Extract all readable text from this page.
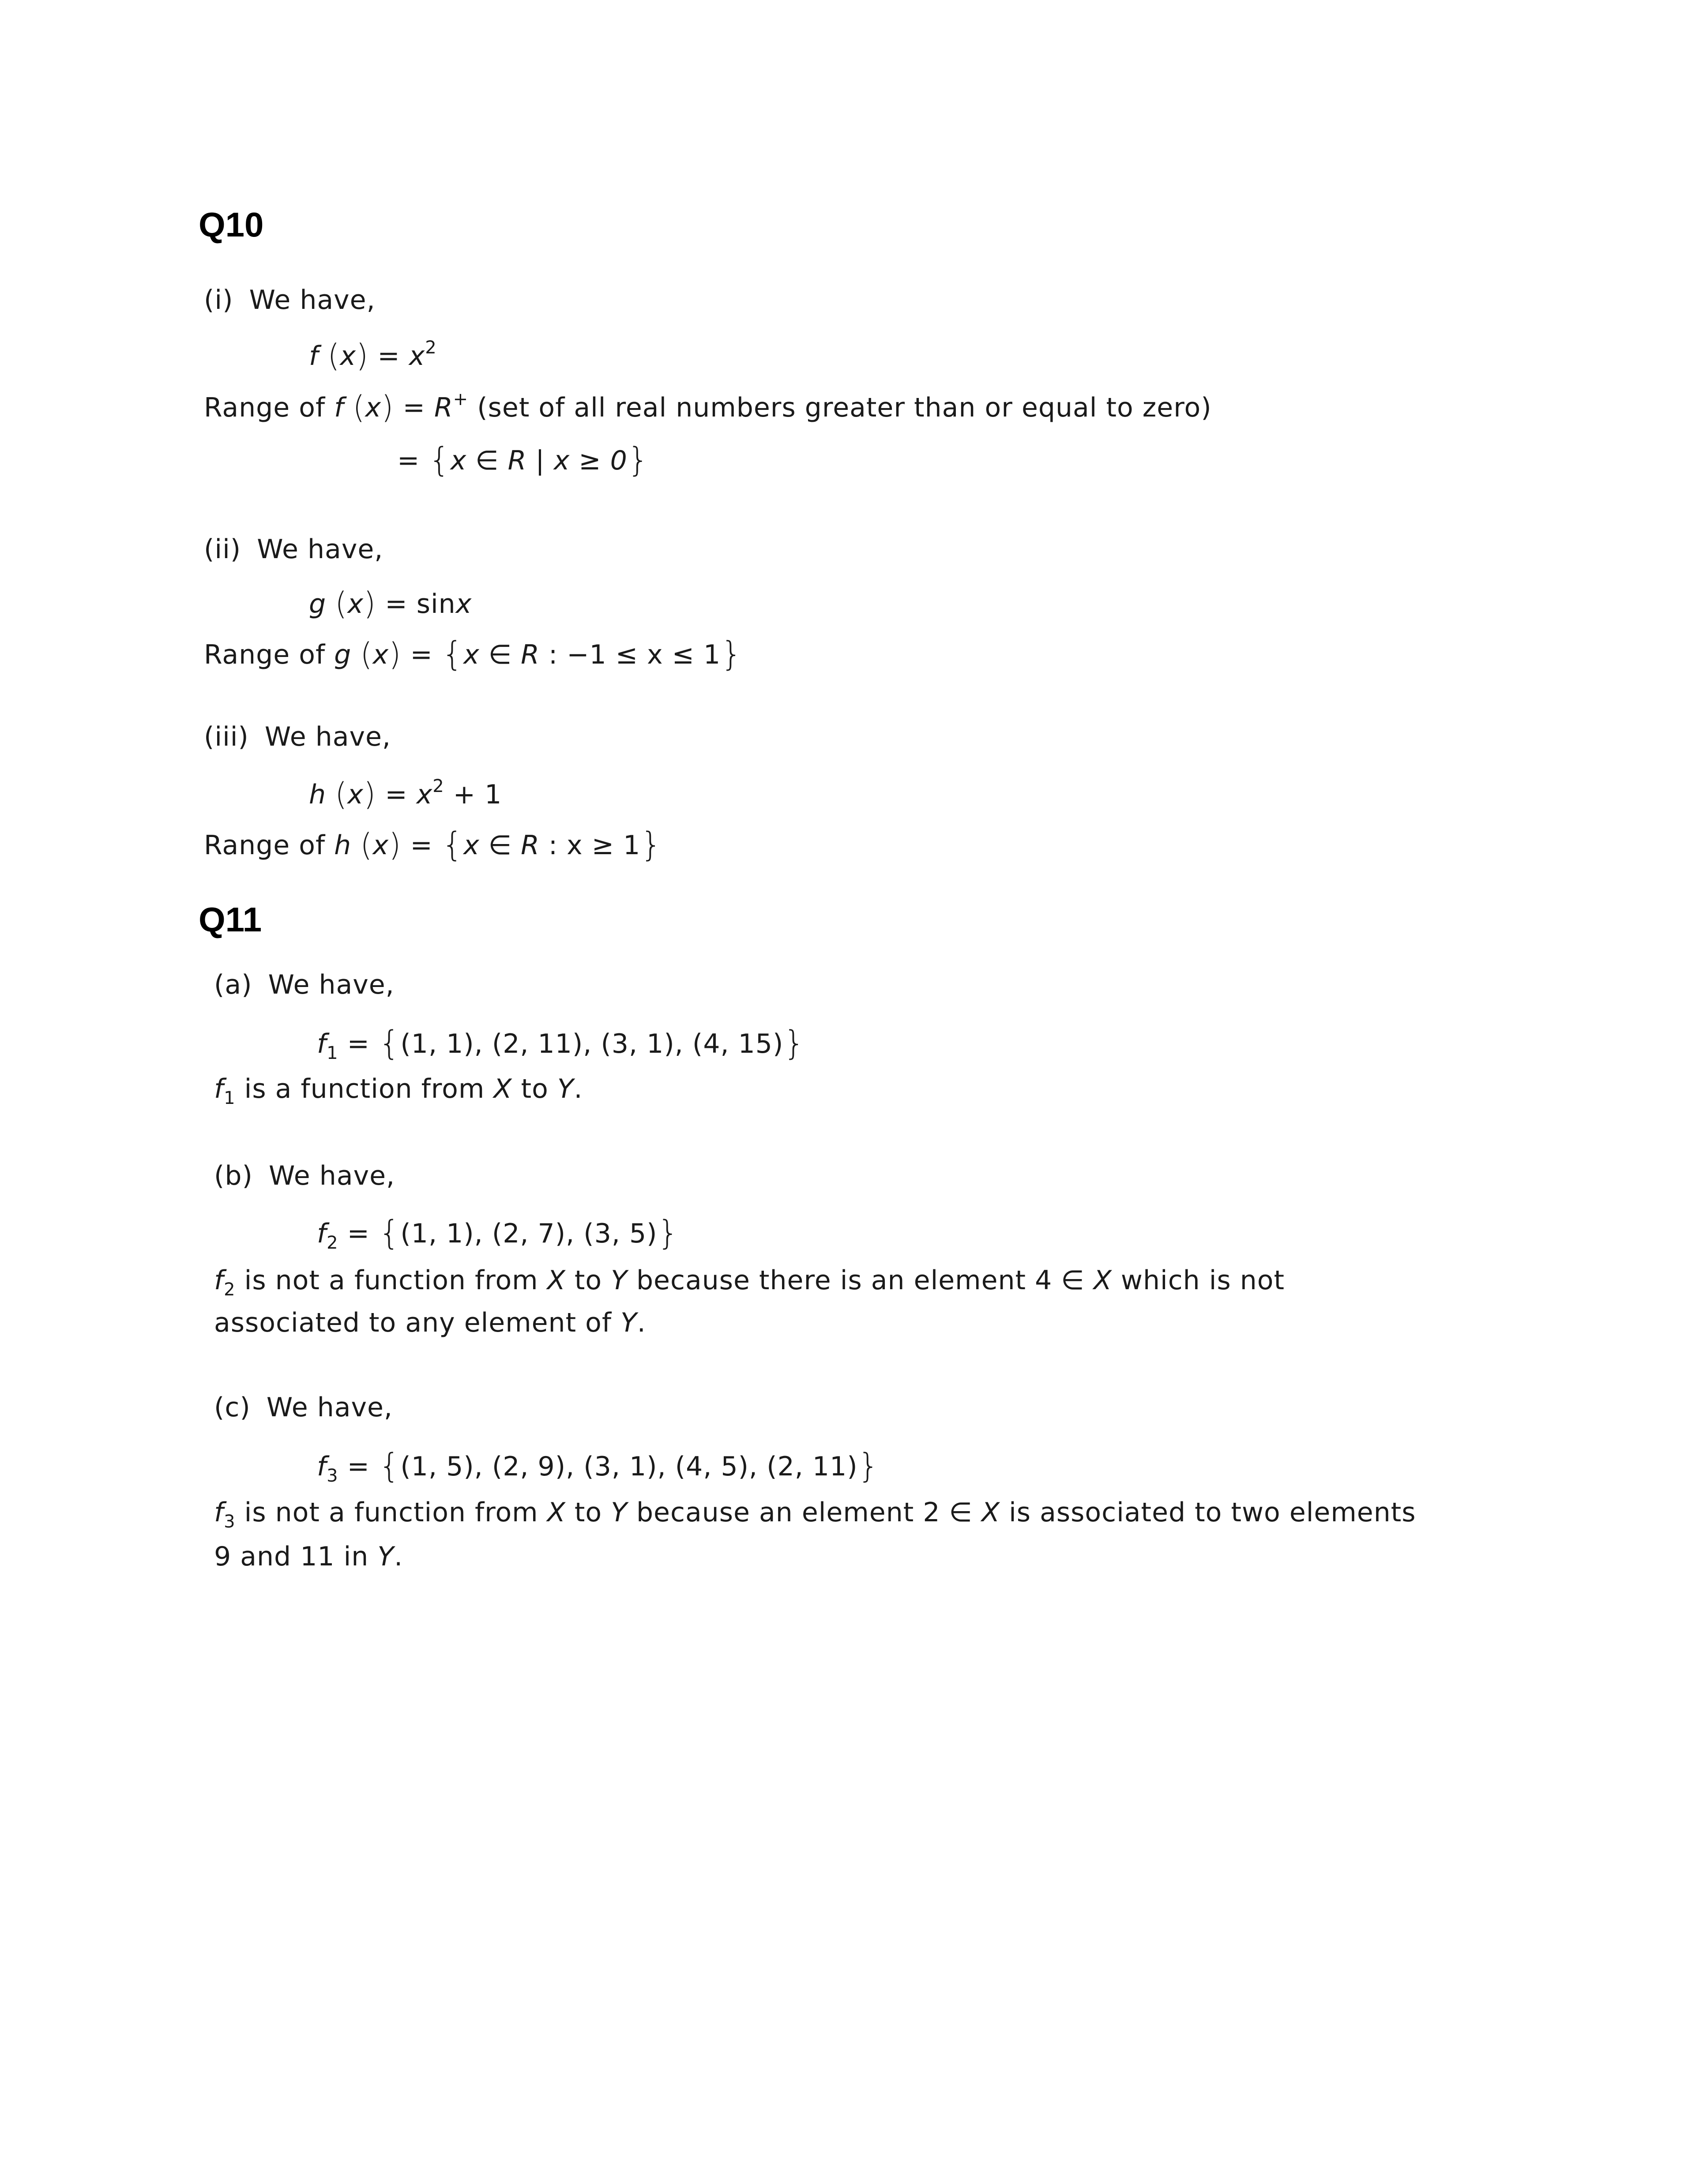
Q10
(i) We have,
f $(x) = x^2$
Range of f (x) = R+ (set of all real numbers greater than or equal to zero)
= {x ∈ R | x ≥ 0}
(ii) We have,
g (x) = sinx
Range of g (x) = {x ∈ R : −1 ≤ x ≤ 1}
(iii) We have,
h $(x) = x^2 + 1$
Range of h (x) = {x ∈ R : x ≥ 1}
Q11
(a) We have,
$f_1 = \{(1$, 1), (2, 11), (3, 1), (4, 15)}
$f_1$ is a function from X to Y.
(b) We have,
$f_2 = \{(1$, 1), (2, 7), (3, 5)}
$f_2$ is not a function from X to Y because there is an element 4 ∈ X which is not
associated to any element of Y.
(c) We have,
$f_3 = \{(1$, 5), (2, 9), (3, 1), (4, 5), (2, 11)}
$f_3$ is not a function from X to Y because an element 2 ∈ X is associated to two elements
9 and 11 in Y.
